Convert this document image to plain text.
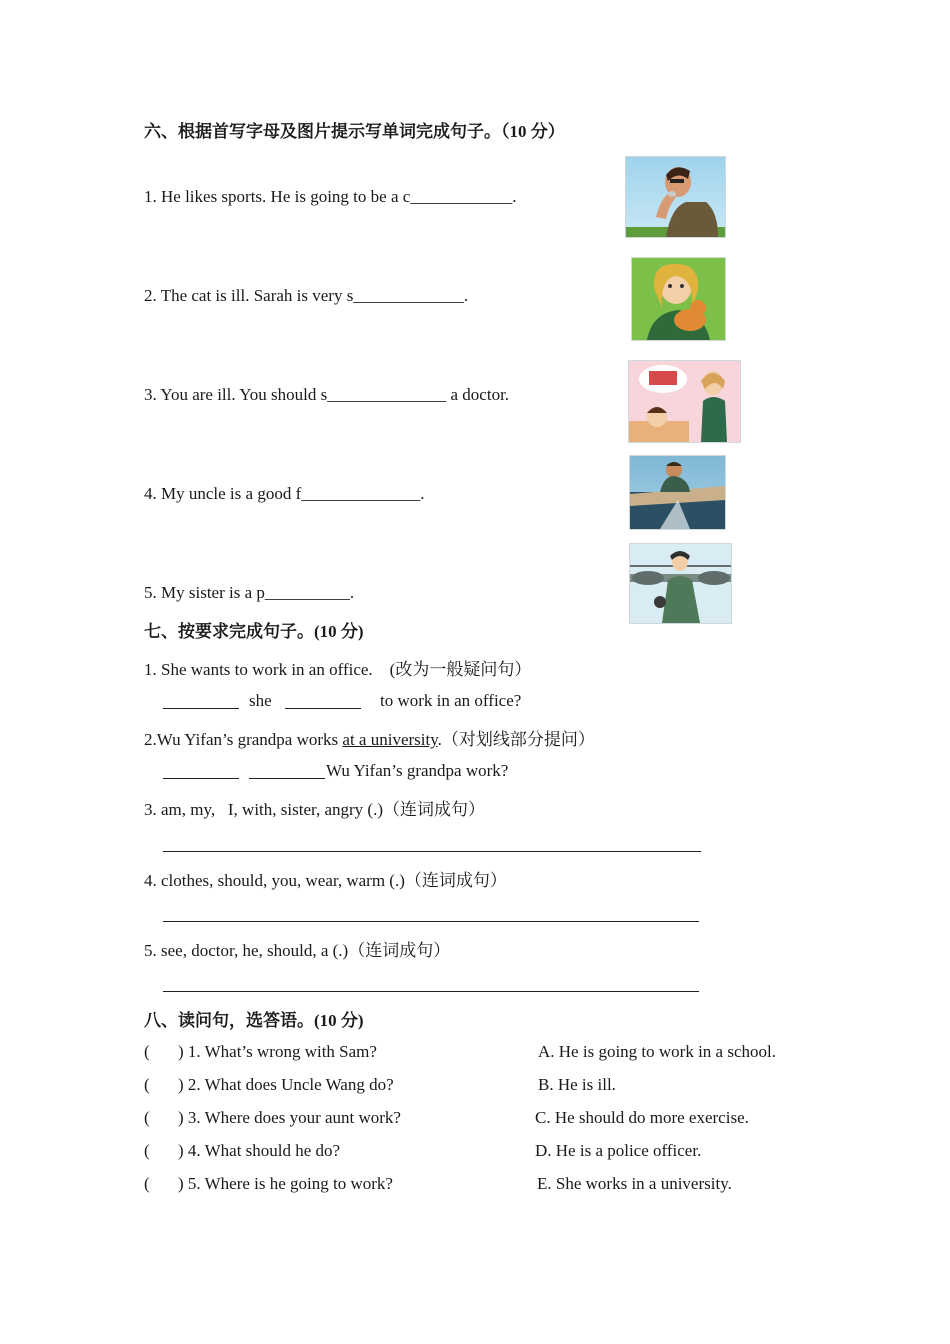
六、根据首写字母及图片提示写单词完成句子。（10 分）
1. He likes sports. He is going to be a c____________.
2. The cat is ill. Sarah is very s_____________.
3. You are ill. You should s______________ a doctor.
4. My uncle is a good f______________.
5. My sister is a p__________.
七、按要求完成句子。(10 分)
1. She wants to work in an office.    (改为一般疑问句）
she	to work in an office?
2.Wu Yifan’s grandpa works at a university.（对划线部分提问）
Wu Yifan’s grandpa work?
3. am, my,   I, with, sister, angry (.)（连词成句）
4. clothes, should, you, wear, warm (.)（连词成句）
5. see, doctor, he, should, a (.)（连词成句）
八、读问句，选答语。(10 分)
( ) 1. What’s wrong with Sam?	A. He is going to work in a school.
( ) 2. What does Uncle Wang do?	B. He is ill.
( ) 3. Where does your aunt work?	C. He should do more exercise.
( ) 4. What should he do?	D. He is a police officer.
( ) 5. Where is he going to work?	E. She works in a university.
